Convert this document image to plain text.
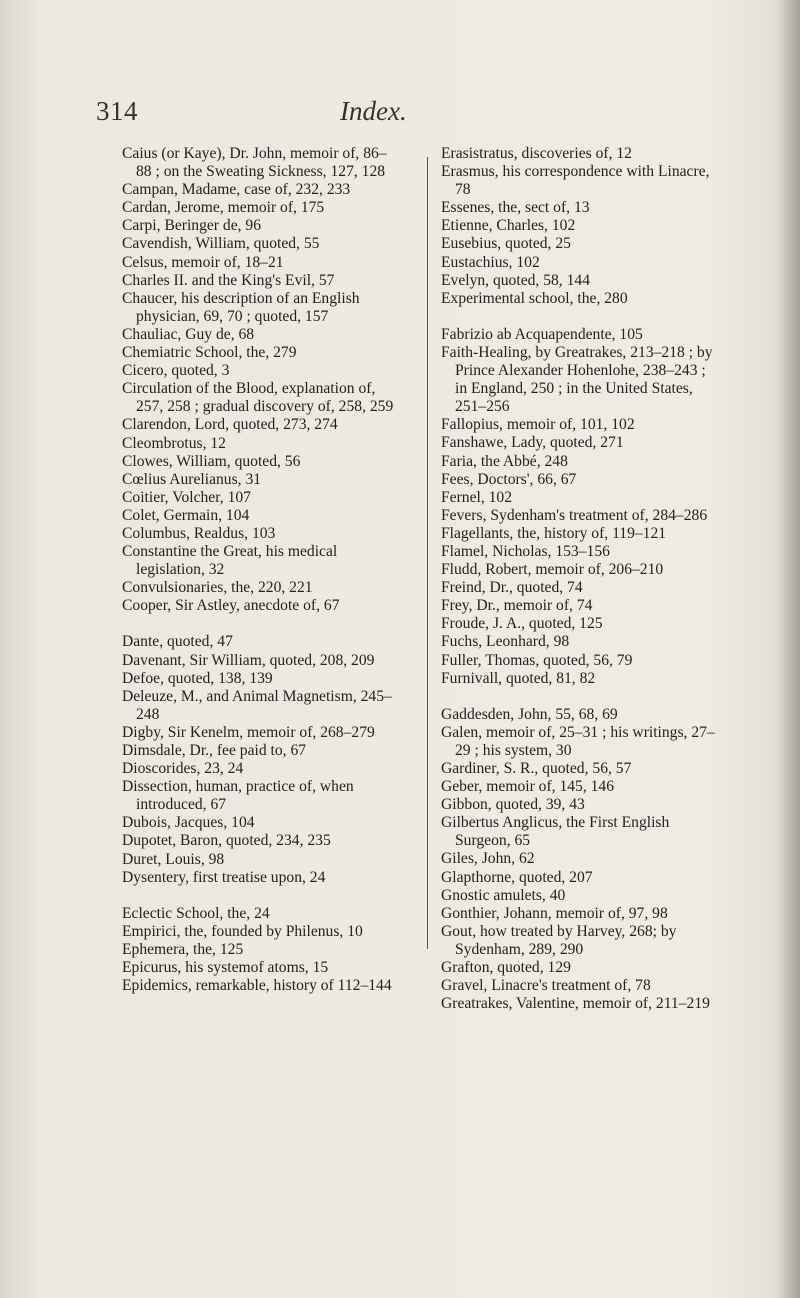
314	Index.
Caius (or Kaye), Dr. John, memoir of, 86–88 ; on the Sweating Sickness, 127, 128
Campan, Madame, case of, 232, 233
Cardan, Jerome, memoir of, 175
Carpi, Beringer de, 96
Cavendish, William, quoted, 55
Celsus, memoir of, 18–21
Charles II. and the King's Evil, 57
Chaucer, his description of an English physician, 69, 70 ; quoted, 157
Chauliac, Guy de, 68
Chemiatric School, the, 279
Cicero, quoted, 3
Circulation of the Blood, explanation of, 257, 258 ; gradual discovery of, 258, 259
Clarendon, Lord, quoted, 273, 274
Cleombrotus, 12
Clowes, William, quoted, 56
Cœlius Aurelianus, 31
Coitier, Volcher, 107
Colet, Germain, 104
Columbus, Realdus, 103
Constantine the Great, his medical legislation, 32
Convulsionaries, the, 220, 221
Cooper, Sir Astley, anecdote of, 67
Dante, quoted, 47
Davenant, Sir William, quoted, 208, 209
Defoe, quoted, 138, 139
Deleuze, M., and Animal Magnetism, 245–248
Digby, Sir Kenelm, memoir of, 268–279
Dimsdale, Dr., fee paid to, 67
Dioscorides, 23, 24
Dissection, human, practice of, when introduced, 67
Dubois, Jacques, 104
Dupotet, Baron, quoted, 234, 235
Duret, Louis, 98
Dysentery, first treatise upon, 24
Eclectic School, the, 24
Empirici, the, founded by Philenus, 10
Ephemera, the, 125
Epicurus, his systemof atoms, 15
Epidemics, remarkable, history of 112–144
Erasistratus, discoveries of, 12
Erasmus, his correspondence with Linacre, 78
Essenes, the, sect of, 13
Etienne, Charles, 102
Eusebius, quoted, 25
Eustachius, 102
Evelyn, quoted, 58, 144
Experimental school, the, 280
Fabrizio ab Acquapendente, 105
Faith-Healing, by Greatrakes, 213–218 ; by Prince Alexander Hohenlohe, 238–243 ; in England, 250 ; in the United States, 251–256
Fallopius, memoir of, 101, 102
Fanshawe, Lady, quoted, 271
Faria, the Abbé, 248
Fees, Doctors', 66, 67
Fernel, 102
Fevers, Sydenham's treatment of, 284–286
Flagellants, the, history of, 119–121
Flamel, Nicholas, 153–156
Fludd, Robert, memoir of, 206–210
Freind, Dr., quoted, 74
Frey, Dr., memoir of, 74
Froude, J. A., quoted, 125
Fuchs, Leonhard, 98
Fuller, Thomas, quoted, 56, 79
Furnivall, quoted, 81, 82
Gaddesden, John, 55, 68, 69
Galen, memoir of, 25–31 ; his writings, 27–29 ; his system, 30
Gardiner, S. R., quoted, 56, 57
Geber, memoir of, 145, 146
Gibbon, quoted, 39, 43
Gilbertus Anglicus, the First English Surgeon, 65
Giles, John, 62
Glapthorne, quoted, 207
Gnostic amulets, 40
Gonthier, Johann, memoir of, 97, 98
Gout, how treated by Harvey, 268; by Sydenham, 289, 290
Grafton, quoted, 129
Gravel, Linacre's treatment of, 78
Greatrakes, Valentine, memoir of, 211–219
